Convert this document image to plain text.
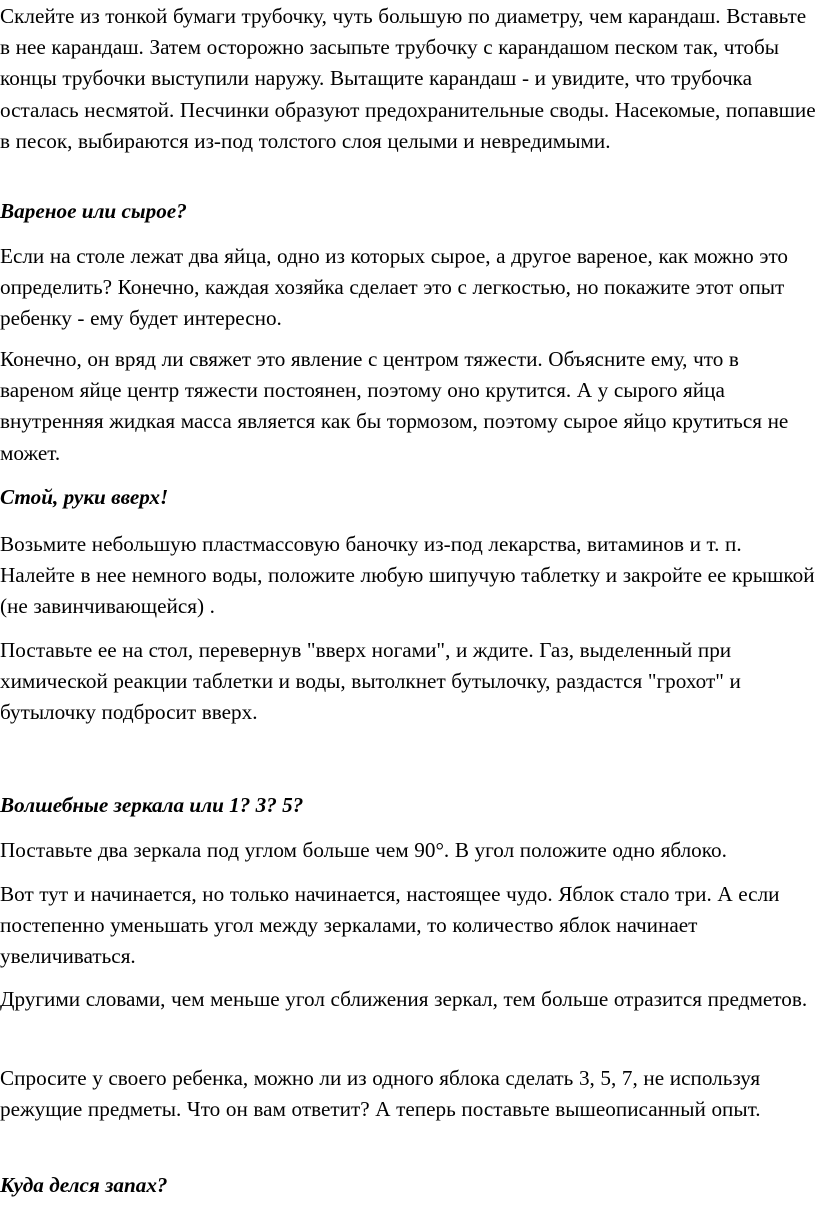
Склейте из тонкой бумаги трубочку, чуть большую по диаметру, чем карандаш. Вставьте в нее карандаш. Затем осторожно засыпьте трубочку с карандашом песком так, чтобы концы трубочки выступили наружу. Вытащите карандаш - и увидите, что трубочка осталась несмятой. Песчинки образуют предохранительные своды. Насекомые, попавшие в песок, выбираются из-под толстого слоя целыми и невредимыми.

Вареное или сырое?

Если на столе лежат два яйца, одно из которых сырое, а другое вареное, как можно это определить? Конечно, каждая хозяйка сделает это с легкостью, но покажите этот опыт ребенку - ему будет интересно.

Конечно, он вряд ли свяжет это явление с центром тяжести. Объясните ему, что в вареном яйце центр тяжести постоянен, поэтому оно крутится. А у сырого яйца внутренняя жидкая масса является как бы тормозом, поэтому сырое яйцо крутиться не может.

Стой, руки вверх!

Возьмите небольшую пластмассовую баночку из-под лекарства, витаминов и т. п. Налейте в нее немного воды, положите любую шипучую таблетку и закройте ее крышкой (не завинчивающейся) .

Поставьте ее на стол, перевернув "вверх ногами", и ждите. Газ, выделенный при химической реакции таблетки и воды, вытолкнет бутылочку, раздастся "грохот" и бутылочку подбросит вверх.

Волшебные зеркала или 1? 3? 5?

Поставьте два зеркала под углом больше чем 90°. В угол положите одно яблоко.

Вот тут и начинается, но только начинается, настоящее чудо. Яблок стало три. А если постепенно уменьшать угол между зеркалами, то количество яблок начинает увеличиваться.

Другими словами, чем меньше угол сближения зеркал, тем больше отразится предметов.

Спросите у своего ребенка, можно ли из одного яблока сделать 3, 5, 7, не используя режущие предметы. Что он вам ответит? А теперь поставьте вышеописанный опыт.

Куда делся запах?
